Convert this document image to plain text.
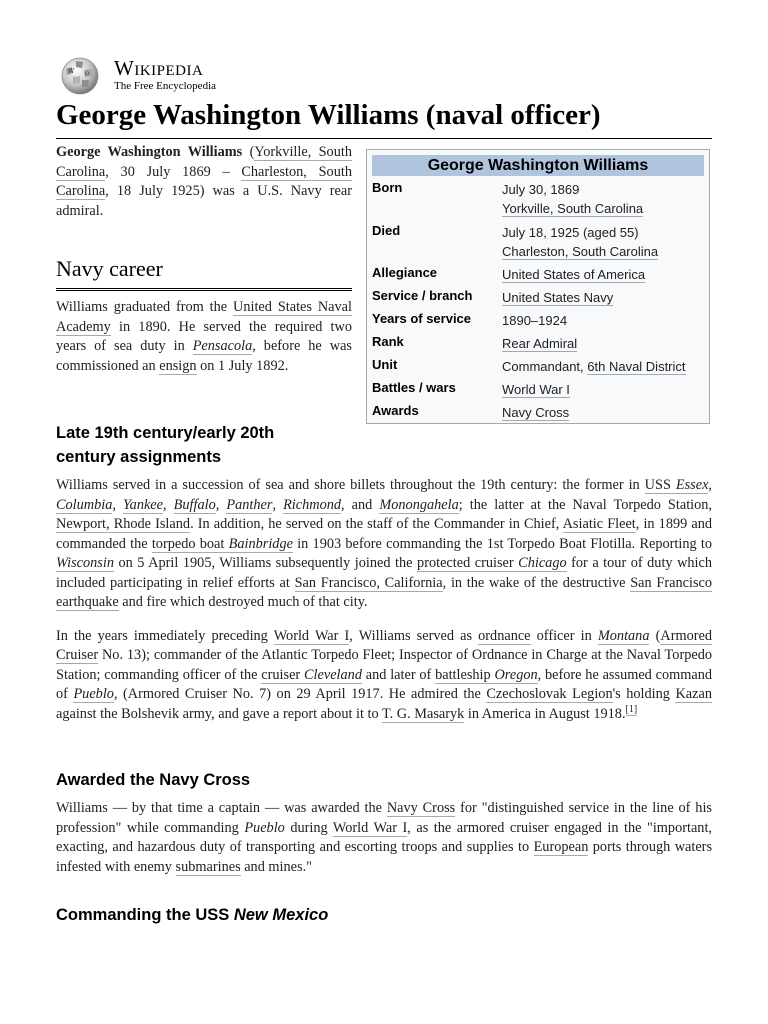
W Ω Wikipedia
The Free Encyclopedia
George Washington Williams (naval officer)

George Washington Williams (Yorkville, South Carolina, 30 July 1869 – Charleston, South Carolina, 18 July 1925) was a U.S. Navy rear admiral.

Navy career

Williams graduated from the United States Naval Academy in 1890. He served the required two years of sea duty in Pensacola, before he was commissioned an ensign on 1 July 1892.

George Washington Williams
Born	July 30, 1869
Yorkville, South Carolina
Died	July 18, 1925 (aged 55)
Charleston, South Carolina
Allegiance	United States of America
Service / branch United States Navy
Years of service 1890–1924
Rank	Rear Admiral
Unit	Commandant, 6th Naval District
Battles / wars	World War I
Awards	Navy Cross
Late 19th century/early 20th century assignments

Williams served in a succession of sea and shore billets throughout the 19th century: the former in USS Essex, Columbia, Yankee, Buffalo, Panther, Richmond, and Monongahela; the latter at the Naval Torpedo Station, Newport, Rhode Island. In addition, he served on the staff of the Commander in Chief, Asiatic Fleet, in 1899 and commanded the torpedo boat Bainbridge in 1903 before commanding the 1st Torpedo Boat Flotilla. Reporting to Wisconsin on 5 April 1905, Williams subsequently joined the protected cruiser Chicago for a tour of duty which included participating in relief efforts at San Francisco, California, in the wake of the destructive San Francisco earthquake and fire which destroyed much of that city.

In the years immediately preceding World War I, Williams served as ordnance officer in Montana (Armored Cruiser No. 13); commander of the Atlantic Torpedo Fleet; Inspector of Ordnance in Charge at the Naval Torpedo Station; commanding officer of the cruiser Cleveland and later of battleship Oregon, before he assumed command of Pueblo, (Armored Cruiser No. 7) on 29 April 1917. He admired the Czechoslovak Legion's holding Kazan against the Bolshevik army, and gave a report about it to T. G. Masaryk in America in August 1918.[1]

Awarded the Navy Cross

Williams — by that time a captain — was awarded the Navy Cross for "distinguished service in the line of his profession" while commanding Pueblo during World War I, as the armored cruiser engaged in the "important, exacting, and hazardous duty of transporting and escorting troops and supplies to European ports through waters infested with enemy submarines and mines."

Commanding the USS New Mexico
